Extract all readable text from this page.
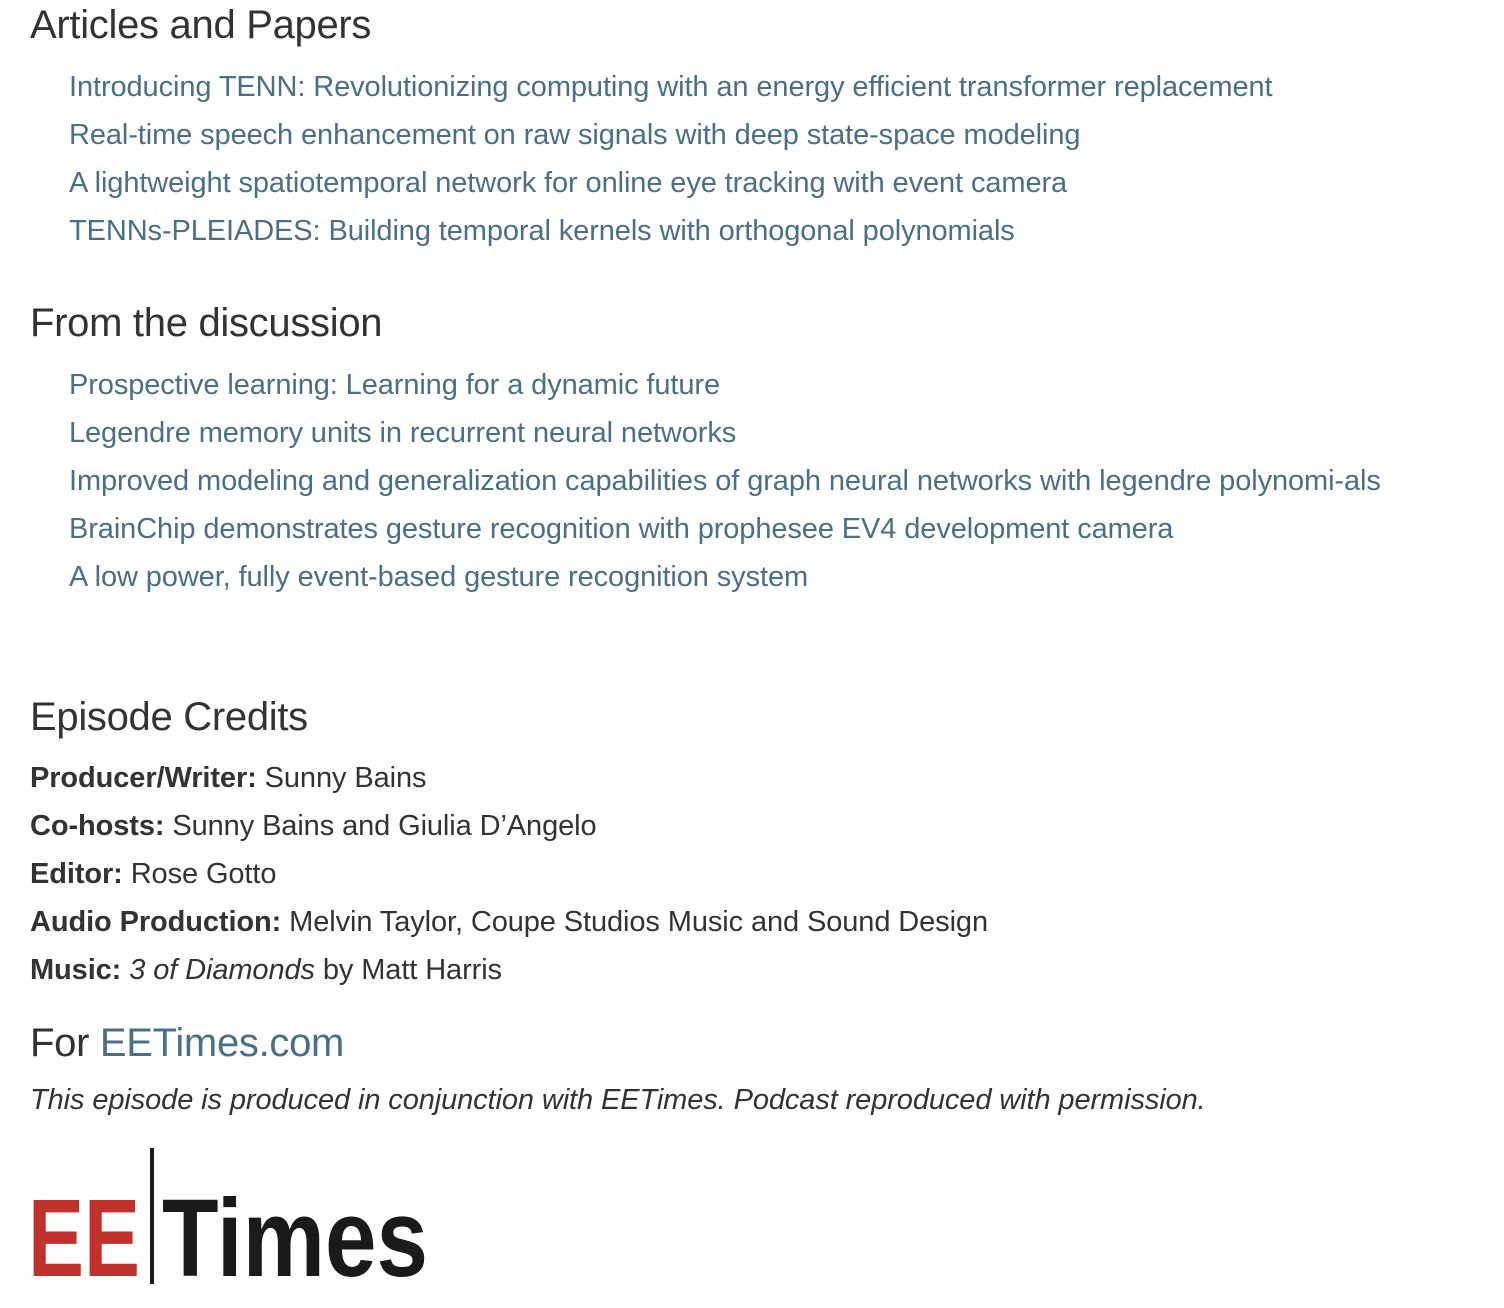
Articles and Papers
Introducing TENN: Revolutionizing computing with an energy efficient transformer replacement
Real-time speech enhancement on raw signals with deep state-space modeling
A lightweight spatiotemporal network for online eye tracking with event camera
TENNs-PLEIADES: Building temporal kernels with orthogonal polynomials
From the discussion
Prospective learning: Learning for a dynamic future
Legendre memory units in recurrent neural networks
Improved modeling and generalization capabilities of graph neural networks with legendre polynomi-als
BrainChip demonstrates gesture recognition with prophesee EV4 development camera
A low power, fully event-based gesture recognition system
Episode Credits
Producer/Writer: Sunny Bains
Co-hosts: Sunny Bains and Giulia D’Angelo
Editor: Rose Gotto
Audio Production: Melvin Taylor, Coupe Studios Music and Sound Design
Music: 3 of Diamonds by Matt Harris
For EETimes.com
This episode is produced in conjunction with EETimes. Podcast reproduced with permission.
EE Times
